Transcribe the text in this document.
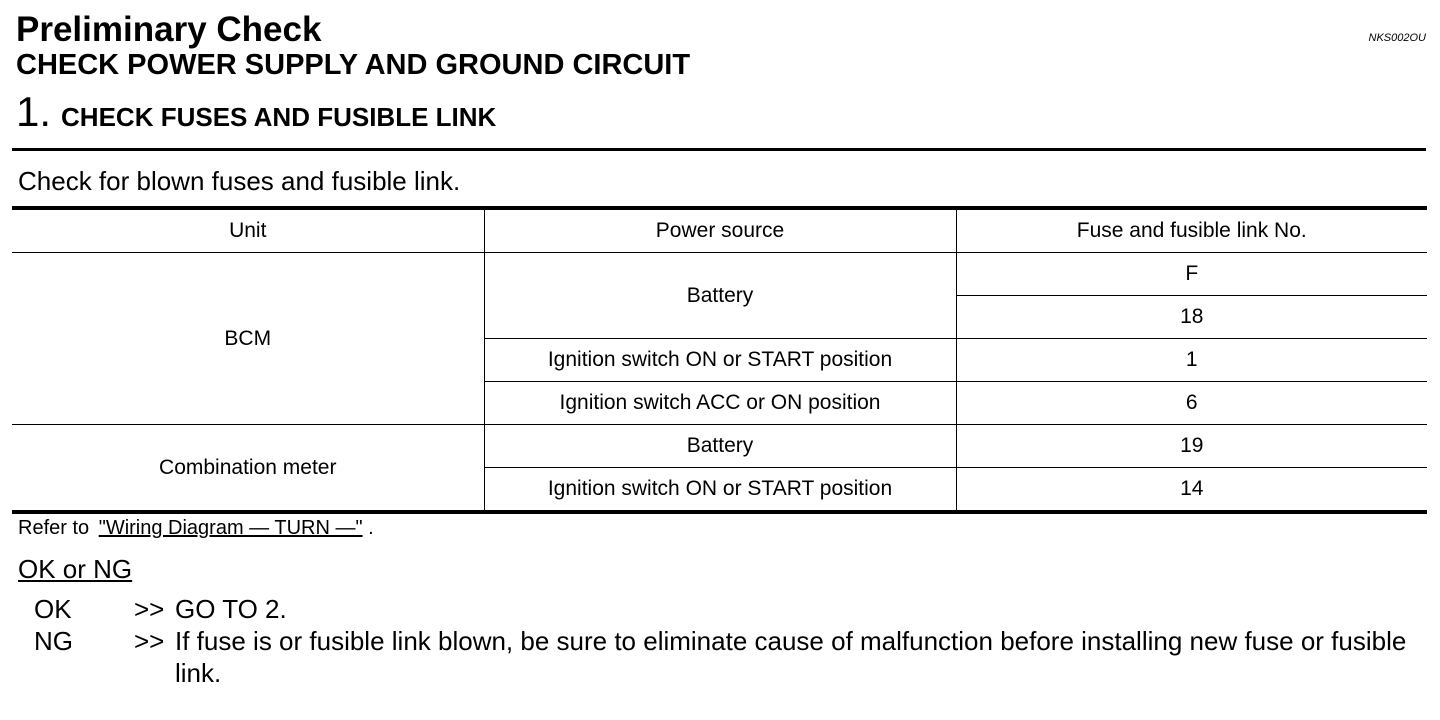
Preliminary Check	NKS002OU
CHECK POWER SUPPLY AND GROUND CIRCUIT
1. CHECK FUSES AND FUSIBLE LINK
Check for blown fuses and fusible link.
Unit	Power source	Fuse and fusible link No.
BCM	Battery	F
		18
	Ignition switch ON or START position	1
	Ignition switch ACC or ON position	6
Combination meter	Battery	19
	Ignition switch ON or START position	14
Refer to "Wiring Diagram — TURN —" .
OK or NG
OK >> GO TO 2.
NG >> If fuse is or fusible link blown, be sure to eliminate cause of malfunction before installing new fuse or fusible link.
